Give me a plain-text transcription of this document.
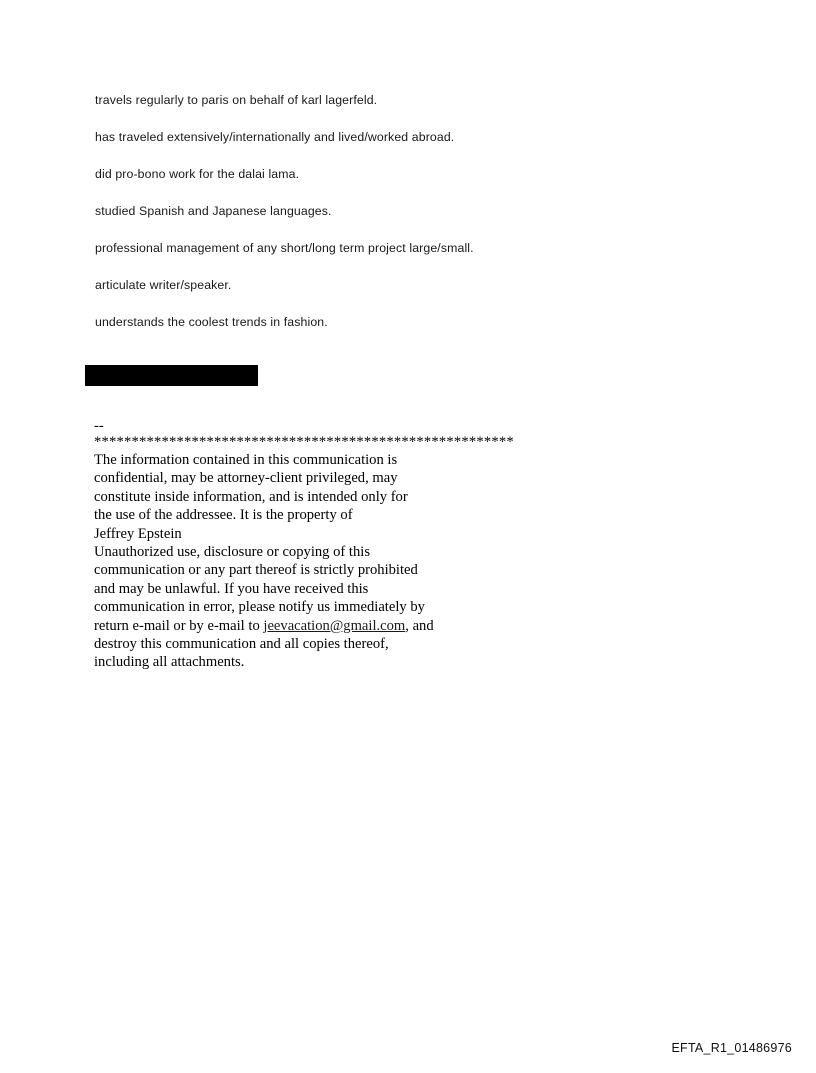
travels regularly to paris on behalf of karl lagerfeld.

has traveled extensively/internationally and lived/worked abroad.

did pro-bono work for the dalai lama.

studied Spanish and Japanese languages.

professional management of any short/long term project large/small.

articulate writer/speaker.

understands the coolest trends in fashion.

--
********************************************************
The information contained in this communication is
confidential, may be attorney-client privileged, may
constitute inside information, and is intended only for
the use of the addressee. It is the property of
Jeffrey Epstein
Unauthorized use, disclosure or copying of this
communication or any part thereof is strictly prohibited
and may be unlawful. If you have received this
communication in error, please notify us immediately by
return e-mail or by e-mail to jeevacation@gmail.com, and
destroy this communication and all copies thereof,
including all attachments.
EFTA_R1_01486976
